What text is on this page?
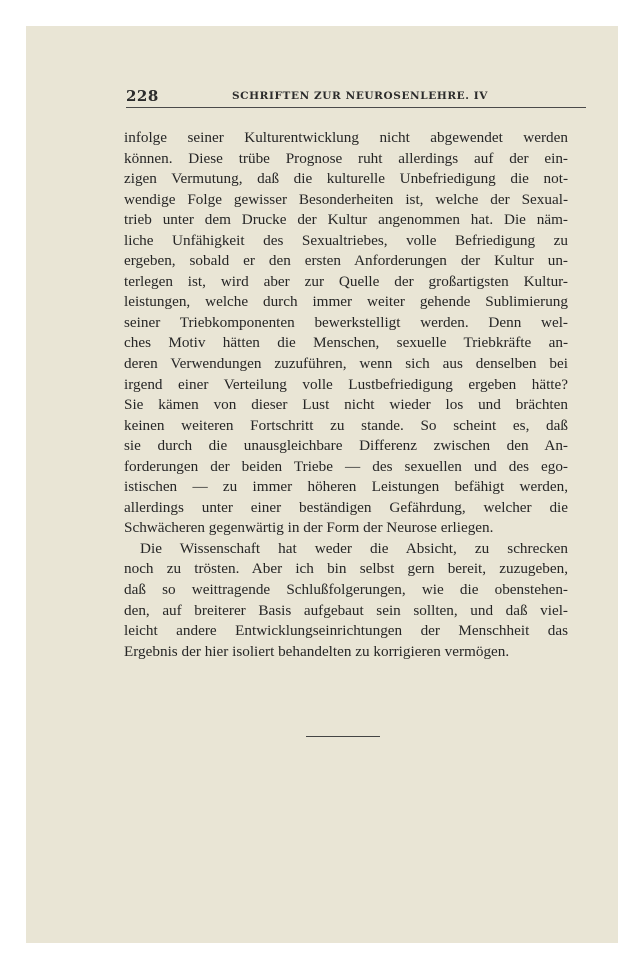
228	SCHRIFTEN ZUR NEUROSENLEHRE. IV
infolge seiner Kulturentwicklung nicht abgewendet werden
können. Diese trübe Prognose ruht allerdings auf der ein-
zigen Vermutung, daß die kulturelle Unbefriedigung die not-
wendige Folge gewisser Besonderheiten ist, welche der Sexual-
trieb unter dem Drucke der Kultur angenommen hat. Die näm-
liche Unfähigkeit des Sexualtriebes, volle Befriedigung zu
ergeben, sobald er den ersten Anforderungen der Kultur un-
terlegen ist, wird aber zur Quelle der großartigsten Kultur-
leistungen, welche durch immer weiter gehende Sublimierung
seiner Triebkomponenten bewerkstelligt werden. Denn wel-
ches Motiv hätten die Menschen, sexuelle Triebkräfte an-
deren Verwendungen zuzuführen, wenn sich aus denselben bei
irgend einer Verteilung volle Lustbefriedigung ergeben hätte?
Sie kämen von dieser Lust nicht wieder los und brächten
keinen weiteren Fortschritt zu stande. So scheint es, daß
sie durch die unausgleichbare Differenz zwischen den An-
forderungen der beiden Triebe — des sexuellen und des ego-
istischen — zu immer höheren Leistungen befähigt werden,
allerdings unter einer beständigen Gefährdung, welcher die
Schwächeren gegenwärtig in der Form der Neurose erliegen.
Die Wissenschaft hat weder die Absicht, zu schrecken
noch zu trösten. Aber ich bin selbst gern bereit, zuzugeben,
daß so weittragende Schlußfolgerungen, wie die obenstehen-
den, auf breiterer Basis aufgebaut sein sollten, und daß viel-
leicht andere Entwicklungseinrichtungen der Menschheit das
Ergebnis der hier isoliert behandelten zu korrigieren vermögen.
